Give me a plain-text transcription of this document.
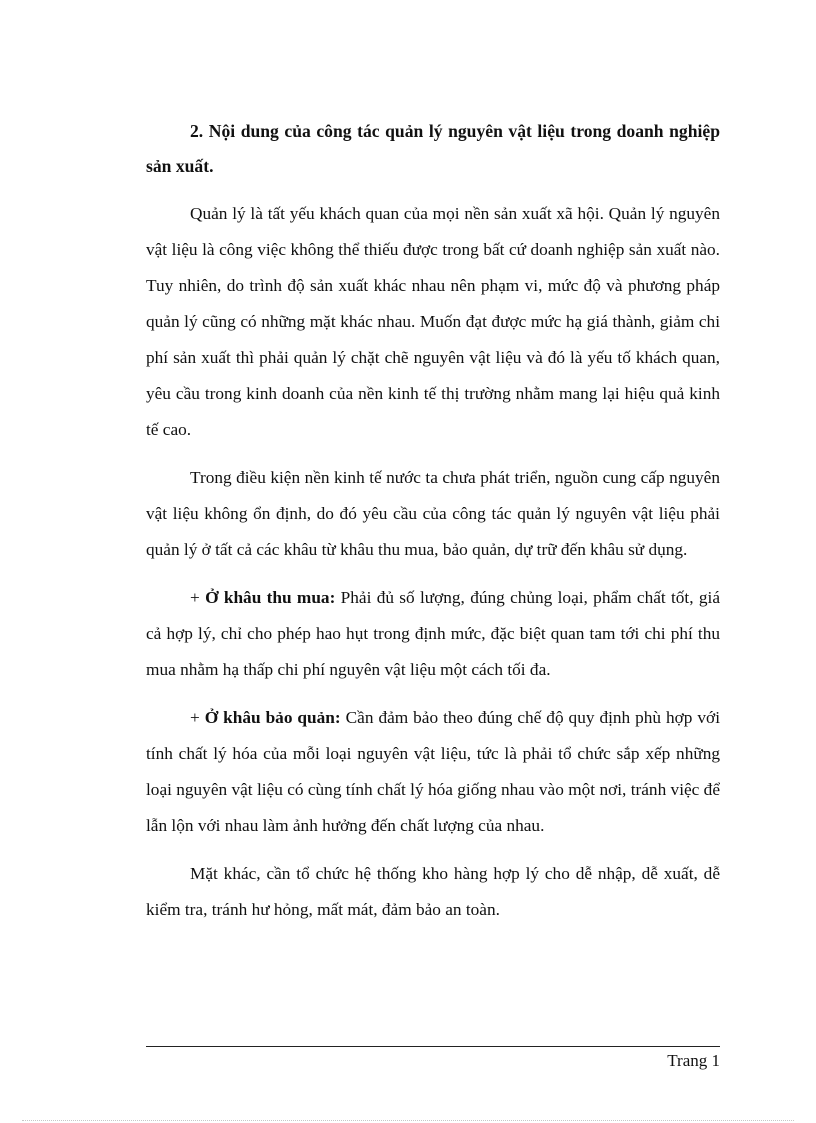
2. Nội dung của công tác quản lý nguyên vật liệu trong doanh nghiệp sản xuất.

Quản lý là tất yếu khách quan của mọi nền sản xuất xã hội. Quản lý nguyên vật liệu là công việc không thể thiếu được trong bất cứ doanh nghiệp sản xuất nào. Tuy nhiên, do trình độ sản xuất khác nhau nên phạm vi, mức độ và phương pháp quản lý cũng có những mặt khác nhau. Muốn đạt được mức hạ giá thành, giảm chi phí sản xuất thì phải quản lý chặt chẽ nguyên vật liệu và đó là yếu tố khách quan, yêu cầu trong kinh doanh của nền kinh tế thị trường nhằm mang lại hiệu quả kinh tế cao.

Trong điều kiện nền kinh tế nước ta chưa phát triển, nguồn cung cấp nguyên vật liệu không ổn định, do đó yêu cầu của công tác quản lý nguyên vật liệu phải quản lý ở tất cả các khâu từ khâu thu mua, bảo quản, dự trữ đến khâu sử dụng.

+ Ở khâu thu mua: Phải đủ số lượng, đúng chủng loại, phẩm chất tốt, giá cả hợp lý, chỉ cho phép hao hụt trong định mức, đặc biệt quan tam tới chi phí thu mua nhằm hạ thấp chi phí nguyên vật liệu một cách tối đa.

+ Ở khâu bảo quản: Cần đảm bảo theo đúng chế độ quy định phù hợp với tính chất lý hóa của mỗi loại nguyên vật liệu, tức là phải tổ chức sắp xếp những loại nguyên vật liệu có cùng tính chất lý hóa giống nhau vào một nơi, tránh việc để lẫn lộn với nhau làm ảnh hưởng đến chất lượng của nhau.

Mặt khác, cần tổ chức hệ thống kho hàng hợp lý cho dễ nhập, dễ xuất, dễ kiểm tra, tránh hư hỏng, mất mát, đảm bảo an toàn.

Trang 1
